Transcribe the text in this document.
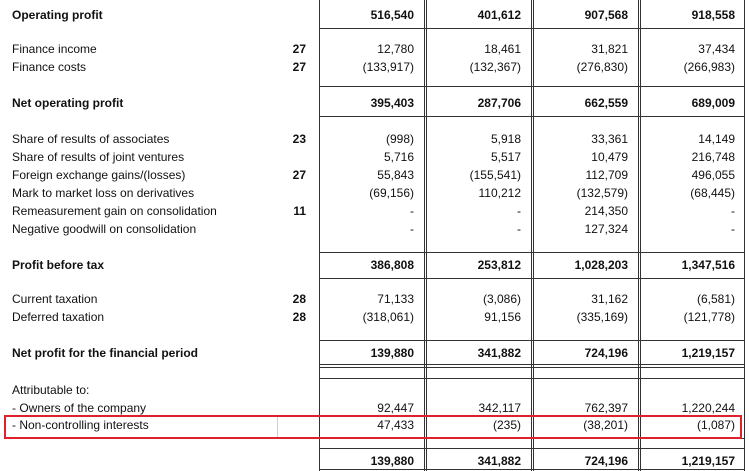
Operating profit	516,540	401,612	907,568	918,558
Finance income	27	12,780	18,461	31,821	37,434
Finance costs	27	(133,917)	(132,367)	(276,830)	(266,983)
Net operating profit	395,403	287,706	662,559	689,009
Share of results of associates	23	(998)	5,918	33,361	14,149
Share of results of joint ventures	5,716	5,517	10,479	216,748
Foreign exchange gains/(losses)	27	55,843	(155,541)	112,709	496,055
Mark to market loss on derivatives	(69,156)	110,212	(132,579)	(68,445)
Remeasurement gain on consolidation	11	-	-	214,350	-
Negative goodwill on consolidation	-	-	127,324	-
Profit before tax	386,808	253,812	1,028,203	1,347,516
Current taxation	28	71,133	(3,086)	31,162	(6,581)
Deferred taxation	28	(318,061)	91,156	(335,169)	(121,778)
Net profit for the financial period	139,880	341,882	724,196	1,219,157
Attributable to:
- Owners of the company	92,447	342,117	762,397	1,220,244
- Non-controlling interests	47,433	(235)	(38,201)	(1,087)
139,880	341,882	724,196	1,219,157
